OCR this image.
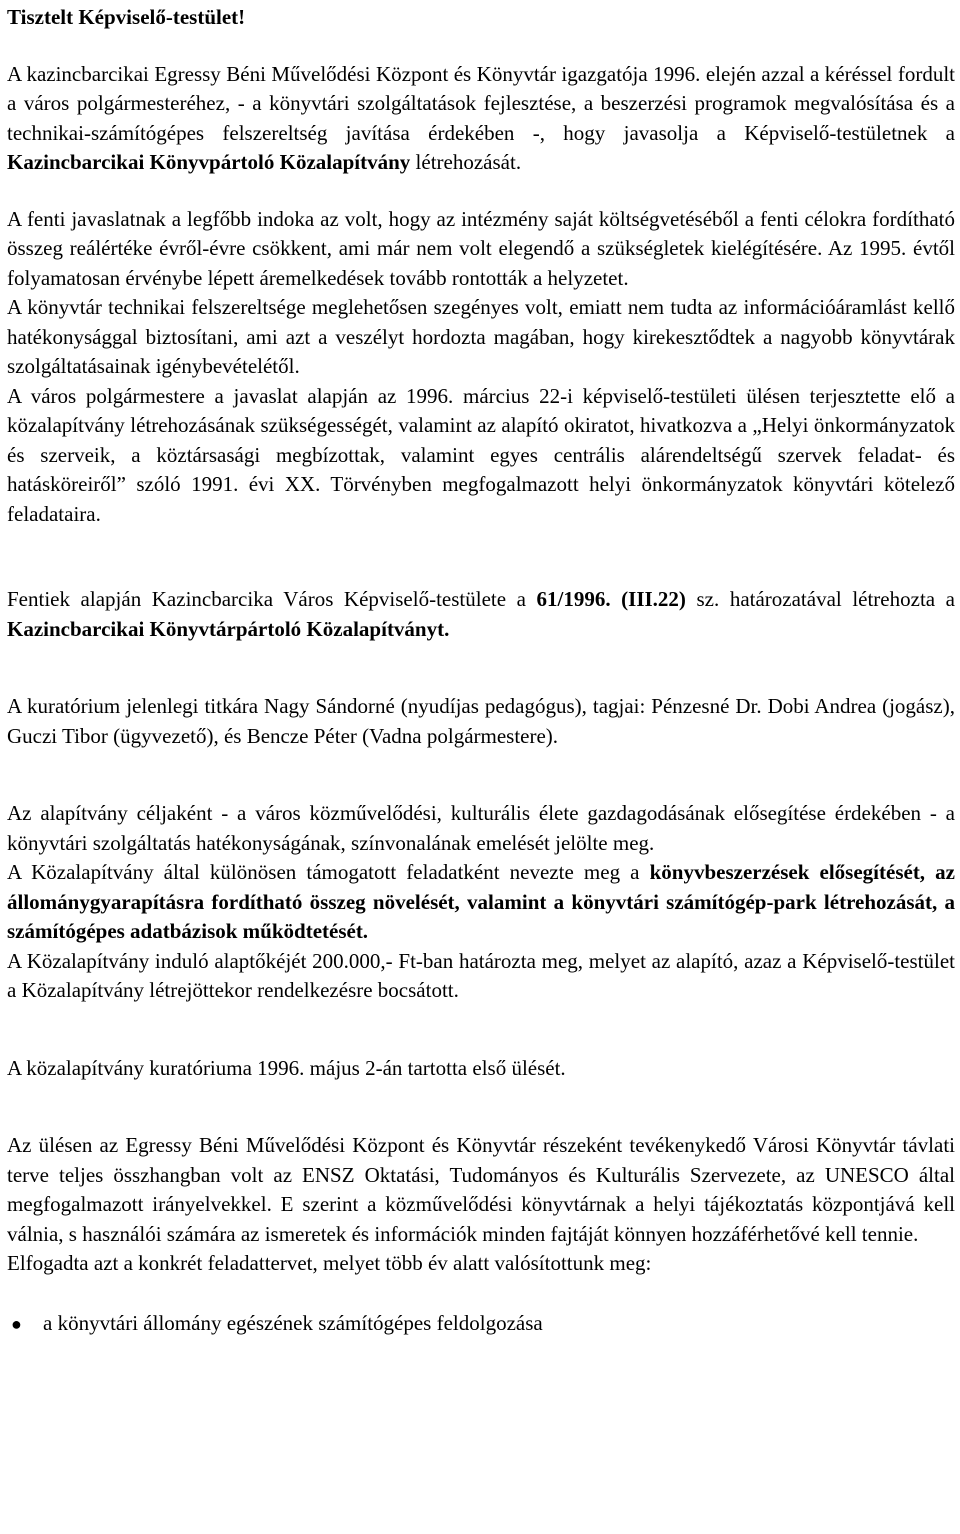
Tisztelt Képviselő-testület!

A kazincbarcikai Egressy Béni Művelődési Központ és Könyvtár igazgatója 1996. elején azzal a kéréssel fordult a város polgármesteréhez, - a könyvtári szolgáltatások fejlesztése, a beszerzési programok megvalósítása és a technikai-számítógépes felszereltség javítása érdekében -, hogy javasolja a Képviselő-testületnek a Kazincbarcikai Könyvpártoló Közalapítvány létrehozását.

A fenti javaslatnak a legfőbb indoka az volt, hogy az intézmény saját költségvetéséből a fenti célokra fordítható összeg reálértéke évről-évre csökkent, ami már nem volt elegendő a szükségletek kielégítésére. Az 1995. évtől folyamatosan érvénybe lépett áremelkedések tovább rontották a helyzetet.

A könyvtár technikai felszereltsége meglehetősen szegényes volt, emiatt nem tudta az információáramlást kellő hatékonysággal biztosítani, ami azt a veszélyt hordozta magában, hogy kirekesztődtek a nagyobb könyvtárak szolgáltatásainak igénybevételétől.

A város polgármestere a javaslat alapján az 1996. március 22-i képviselő-testületi ülésen terjesztette elő a közalapítvány létrehozásának szükségességét, valamint az alapító okiratot, hivatkozva a „Helyi önkormányzatok és szerveik, a köztársasági megbízottak, valamint egyes centrális alárendeltségű szervek feladat- és hatásköreiről” szóló 1991. évi XX. Törvényben megfogalmazott helyi önkormányzatok könyvtári kötelező feladataira.

Fentiek alapján Kazincbarcika Város Képviselő-testülete a 61/1996. (III.22) sz. határozatával létrehozta a Kazincbarcikai Könyvtárpártoló Közalapítványt.

A kuratórium jelenlegi titkára Nagy Sándorné (nyudíjas pedagógus), tagjai: Pénzesné Dr. Dobi Andrea (jogász), Guczi Tibor (ügyvezető), és Bencze Péter (Vadna polgármestere).

Az alapítvány céljaként - a város közművelődési, kulturális élete gazdagodásának elősegítése érdekében - a könyvtári szolgáltatás hatékonyságának, színvonalának emelését jelölte meg.

A Közalapítvány által különösen támogatott feladatként nevezte meg a könyvbeszerzések elősegítését, az állománygyarapításra fordítható összeg növelését, valamint a könyvtári számítógép-park létrehozását, a számítógépes adatbázisok működtetését.

A Közalapítvány induló alaptőkéjét 200.000,- Ft-ban határozta meg, melyet az alapító, azaz a Képviselő-testület a Közalapítvány létrejöttekor rendelkezésre bocsátott.

A közalapítvány kuratóriuma 1996. május 2-án tartotta első ülését.

Az ülésen az Egressy Béni Művelődési Központ és Könyvtár részeként tevékenykedő Városi Könyvtár távlati terve teljes összhangban volt az ENSZ Oktatási, Tudományos és Kulturális Szervezete, az UNESCO által megfogalmazott irányelvekkel. E szerint a közművelődési könyvtárnak a helyi tájékoztatás központjává kell válnia, s használói számára az ismeretek és információk minden fajtáját könnyen hozzáférhetővé kell tennie.

Elfogadta azt a konkrét feladattervet, melyet több év alatt valósítottunk meg:

●	a könyvtári állomány egészének számítógépes feldolgozása
